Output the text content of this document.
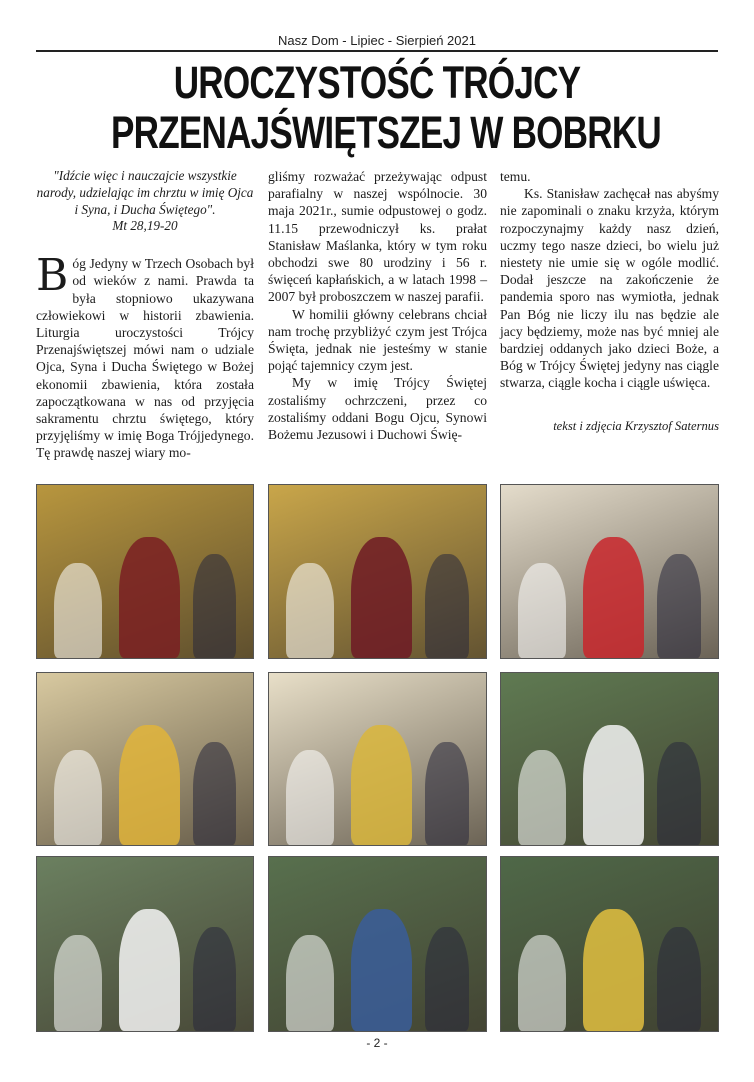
Nasz Dom - Lipiec - Sierpień 2021
UROCZYSTOŚĆ TRÓJCY
PRZENAJŚWIĘTSZEJ W BOBRKU

"Idźcie więc i nauczajcie wszystkie narody, udzielając im chrztu w imię Ojca i Syna, i Ducha Świętego".
Mt 28,19-20

Bóg Jedyny w Trzech Osobach był od wieków z nami. Prawda ta była stopniowo ukazywana człowiekowi w historii zbawienia. Liturgia uroczystości Trójcy Przenajświętszej mówi nam o udziale Ojca, Syna i Ducha Świętego w Bożej ekonomii zbawienia, która została zapoczątkowana w nas od przyjęcia sakramentu chrztu świętego, który przyjęliśmy w imię Boga Trójjedynego. Tę prawdę naszej wiary mo-

gliśmy rozważać przeżywając odpust parafialny w naszej wspólnocie. 30 maja 2021r., sumie odpustowej o godz. 11.15 przewodniczył ks. prałat Stanisław Maślanka, który w tym roku obchodzi swe 80 urodziny i 56 r. święceń kapłańskich, a w latach 1998 – 2007 był proboszczem w naszej parafii.

W homilii główny celebrans chciał nam trochę przybliżyć czym jest Trójca Święta, jednak nie jesteśmy w stanie pojąć tajemnicy czym jest.

My w imię Trójcy Świętej zostaliśmy ochrzczeni, przez co zostaliśmy oddani Bogu Ojcu, Synowi Bożemu Jezusowi i Duchowi Świę-

temu.

Ks. Stanisław zachęcał nas abyśmy nie zapominali o znaku krzyża, którym rozpoczynajmy każdy nasz dzień, uczmy tego nasze dzieci, bo wielu już niestety nie umie się w ogóle modlić. Dodał jeszcze na zakończenie że pandemia sporo nas wymiotła, jednak Pan Bóg nie liczy ilu nas będzie ale jacy będziemy, może nas być mniej ale bardziej oddanych jako dzieci Boże, a Bóg w Trójcy Świętej jedyny nas ciągle stwarza, ciągle kocha i ciągle uświęca.

tekst i zdjęcia Krzysztof Saternus

- 2 -
